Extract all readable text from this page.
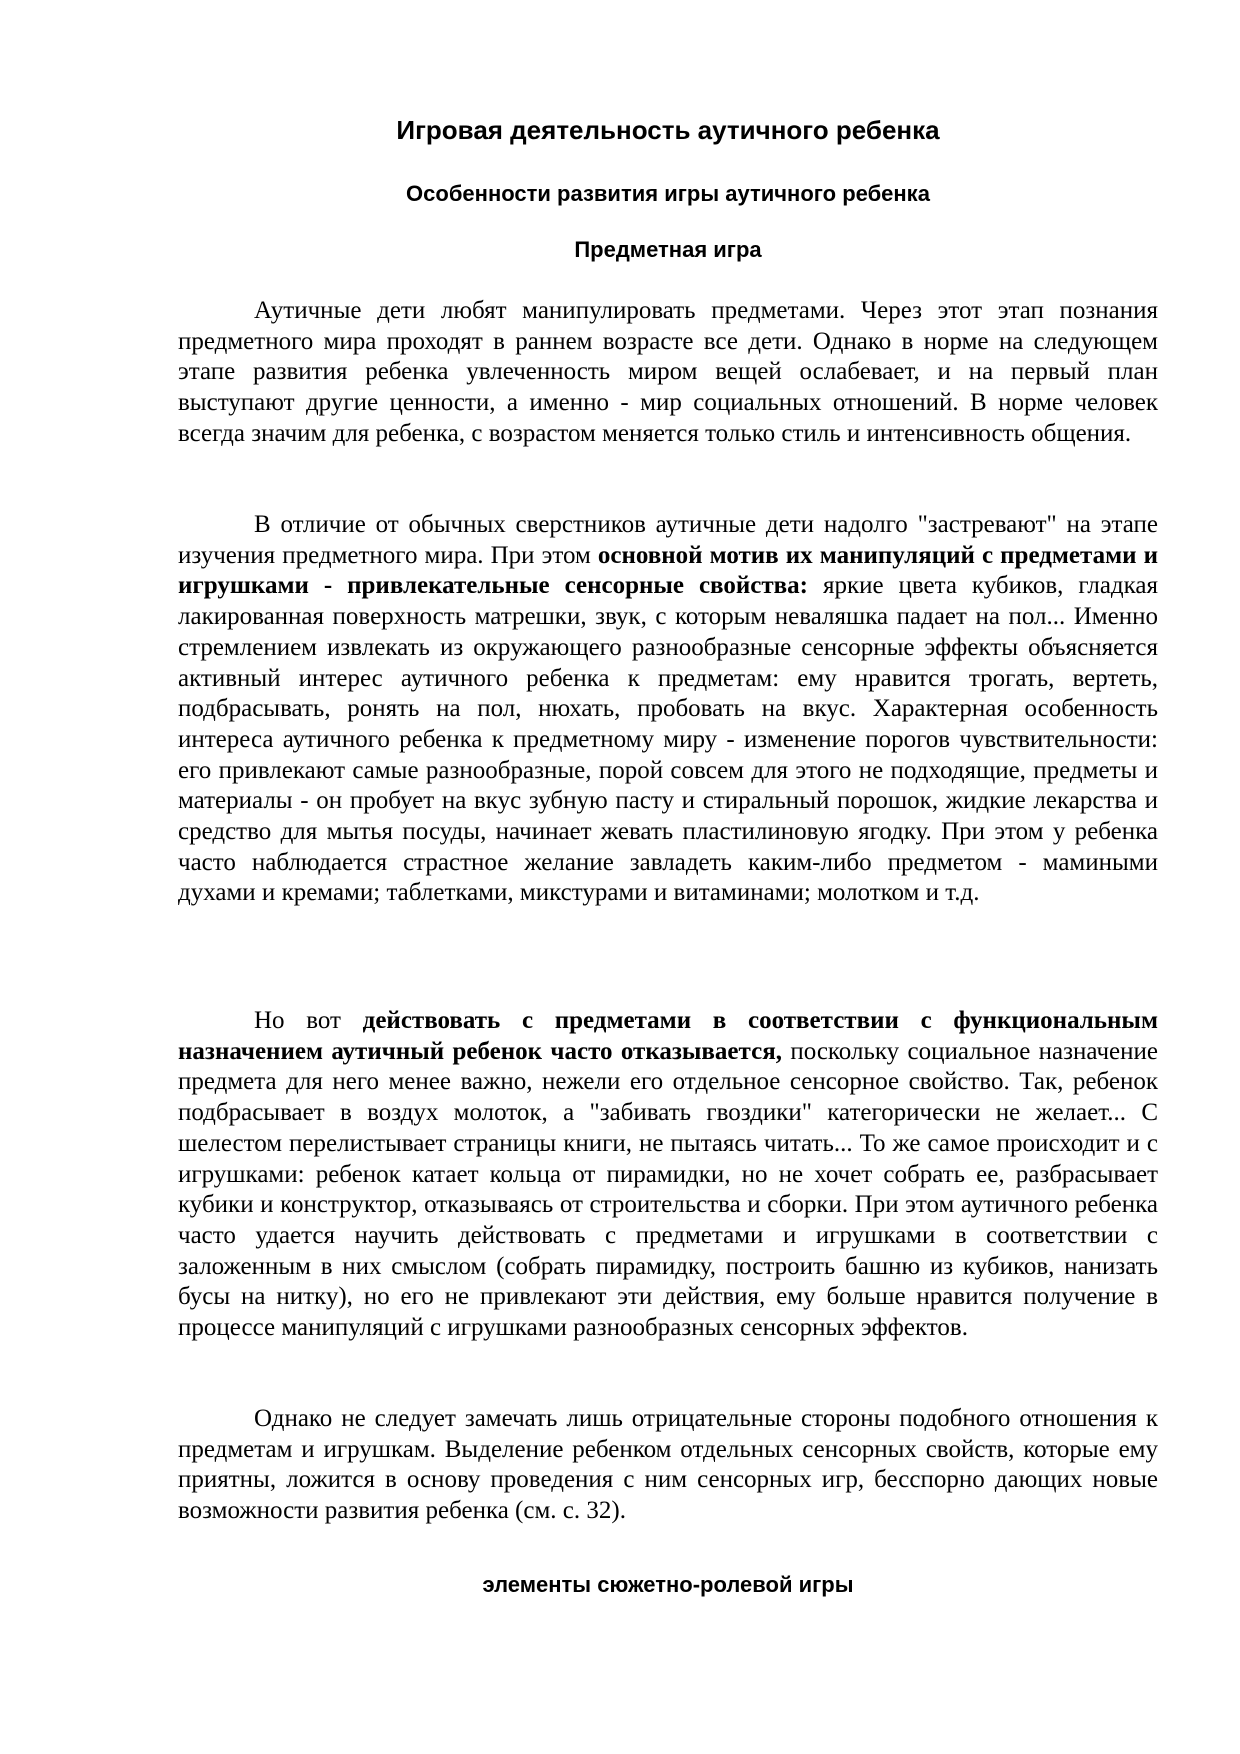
Игровая деятельность аутичного ребенка
Особенности развития игры аутичного ребенка
Предметная игра

Аутичные дети любят манипулировать предметами. Через этот этап познания предметного мира проходят в раннем возрасте все дети. Однако в норме на следующем этапе развития ребенка увлеченность миром вещей ослабевает, и на первый план выступают другие ценности, а именно - мир социальных отношений. В норме человек всегда значим для ребенка, с возрастом меняется только стиль и интенсивность общения.

В отличие от обычных сверстников аутичные дети надолго "застревают" на этапе изучения предметного мира. При этом основной мотив их манипуляций с предметами и игрушками - привлекательные сенсорные свойства: яркие цвета кубиков, гладкая лакированная поверхность матрешки, звук, с которым неваляшка падает на пол... Именно стремлением извлекать из окружающего разнообразные сенсорные эффекты объясняется активный интерес аутичного ребенка к предметам: ему нравится трогать, вертеть, подбрасывать, ронять на пол, нюхать, пробовать на вкус. Характерная особенность интереса аутичного ребенка к предметному миру - изменение порогов чувствительности: его привлекают самые разнообразные, порой совсем для этого не подходящие, предметы и материалы - он пробует на вкус зубную пасту и стиральный порошок, жидкие лекарства и средство для мытья посуды, начинает жевать пластилиновую ягодку. При этом у ребенка часто наблюдается страстное желание завладеть каким-либо предметом - мамиными духами и кремами; таблетками, микстурами и витаминами; молотком и т.д.

Но вот действовать с предметами в соответствии с функциональным назначением аутичный ребенок часто отказывается, поскольку социальное назначение предмета для него менее важно, нежели его отдельное сенсорное свойство. Так, ребенок подбрасывает в воздух молоток, а "забивать гвоздики" категорически не желает... С шелестом перелистывает страницы книги, не пытаясь читать... То же самое происходит и с игрушками: ребенок катает кольца от пирамидки, но не хочет собрать ее, разбрасывает кубики и конструктор, отказываясь от строительства и сборки. При этом аутичного ребенка часто удается научить действовать с предметами и игрушками в соответствии с заложенным в них смыслом (собрать пирамидку, построить башню из кубиков, нанизать бусы на нитку), но его не привлекают эти действия, ему больше нравится получение в процессе манипуляций с игрушками разнообразных сенсорных эффектов.

Однако не следует замечать лишь отрицательные стороны подобного отношения к предметам и игрушкам. Выделение ребенком отдельных сенсорных свойств, которые ему приятны, ложится в основу проведения с ним сенсорных игр, бесспорно дающих новые возможности развития ребенка (см. с. 32).

элементы сюжетно-ролевой игры
